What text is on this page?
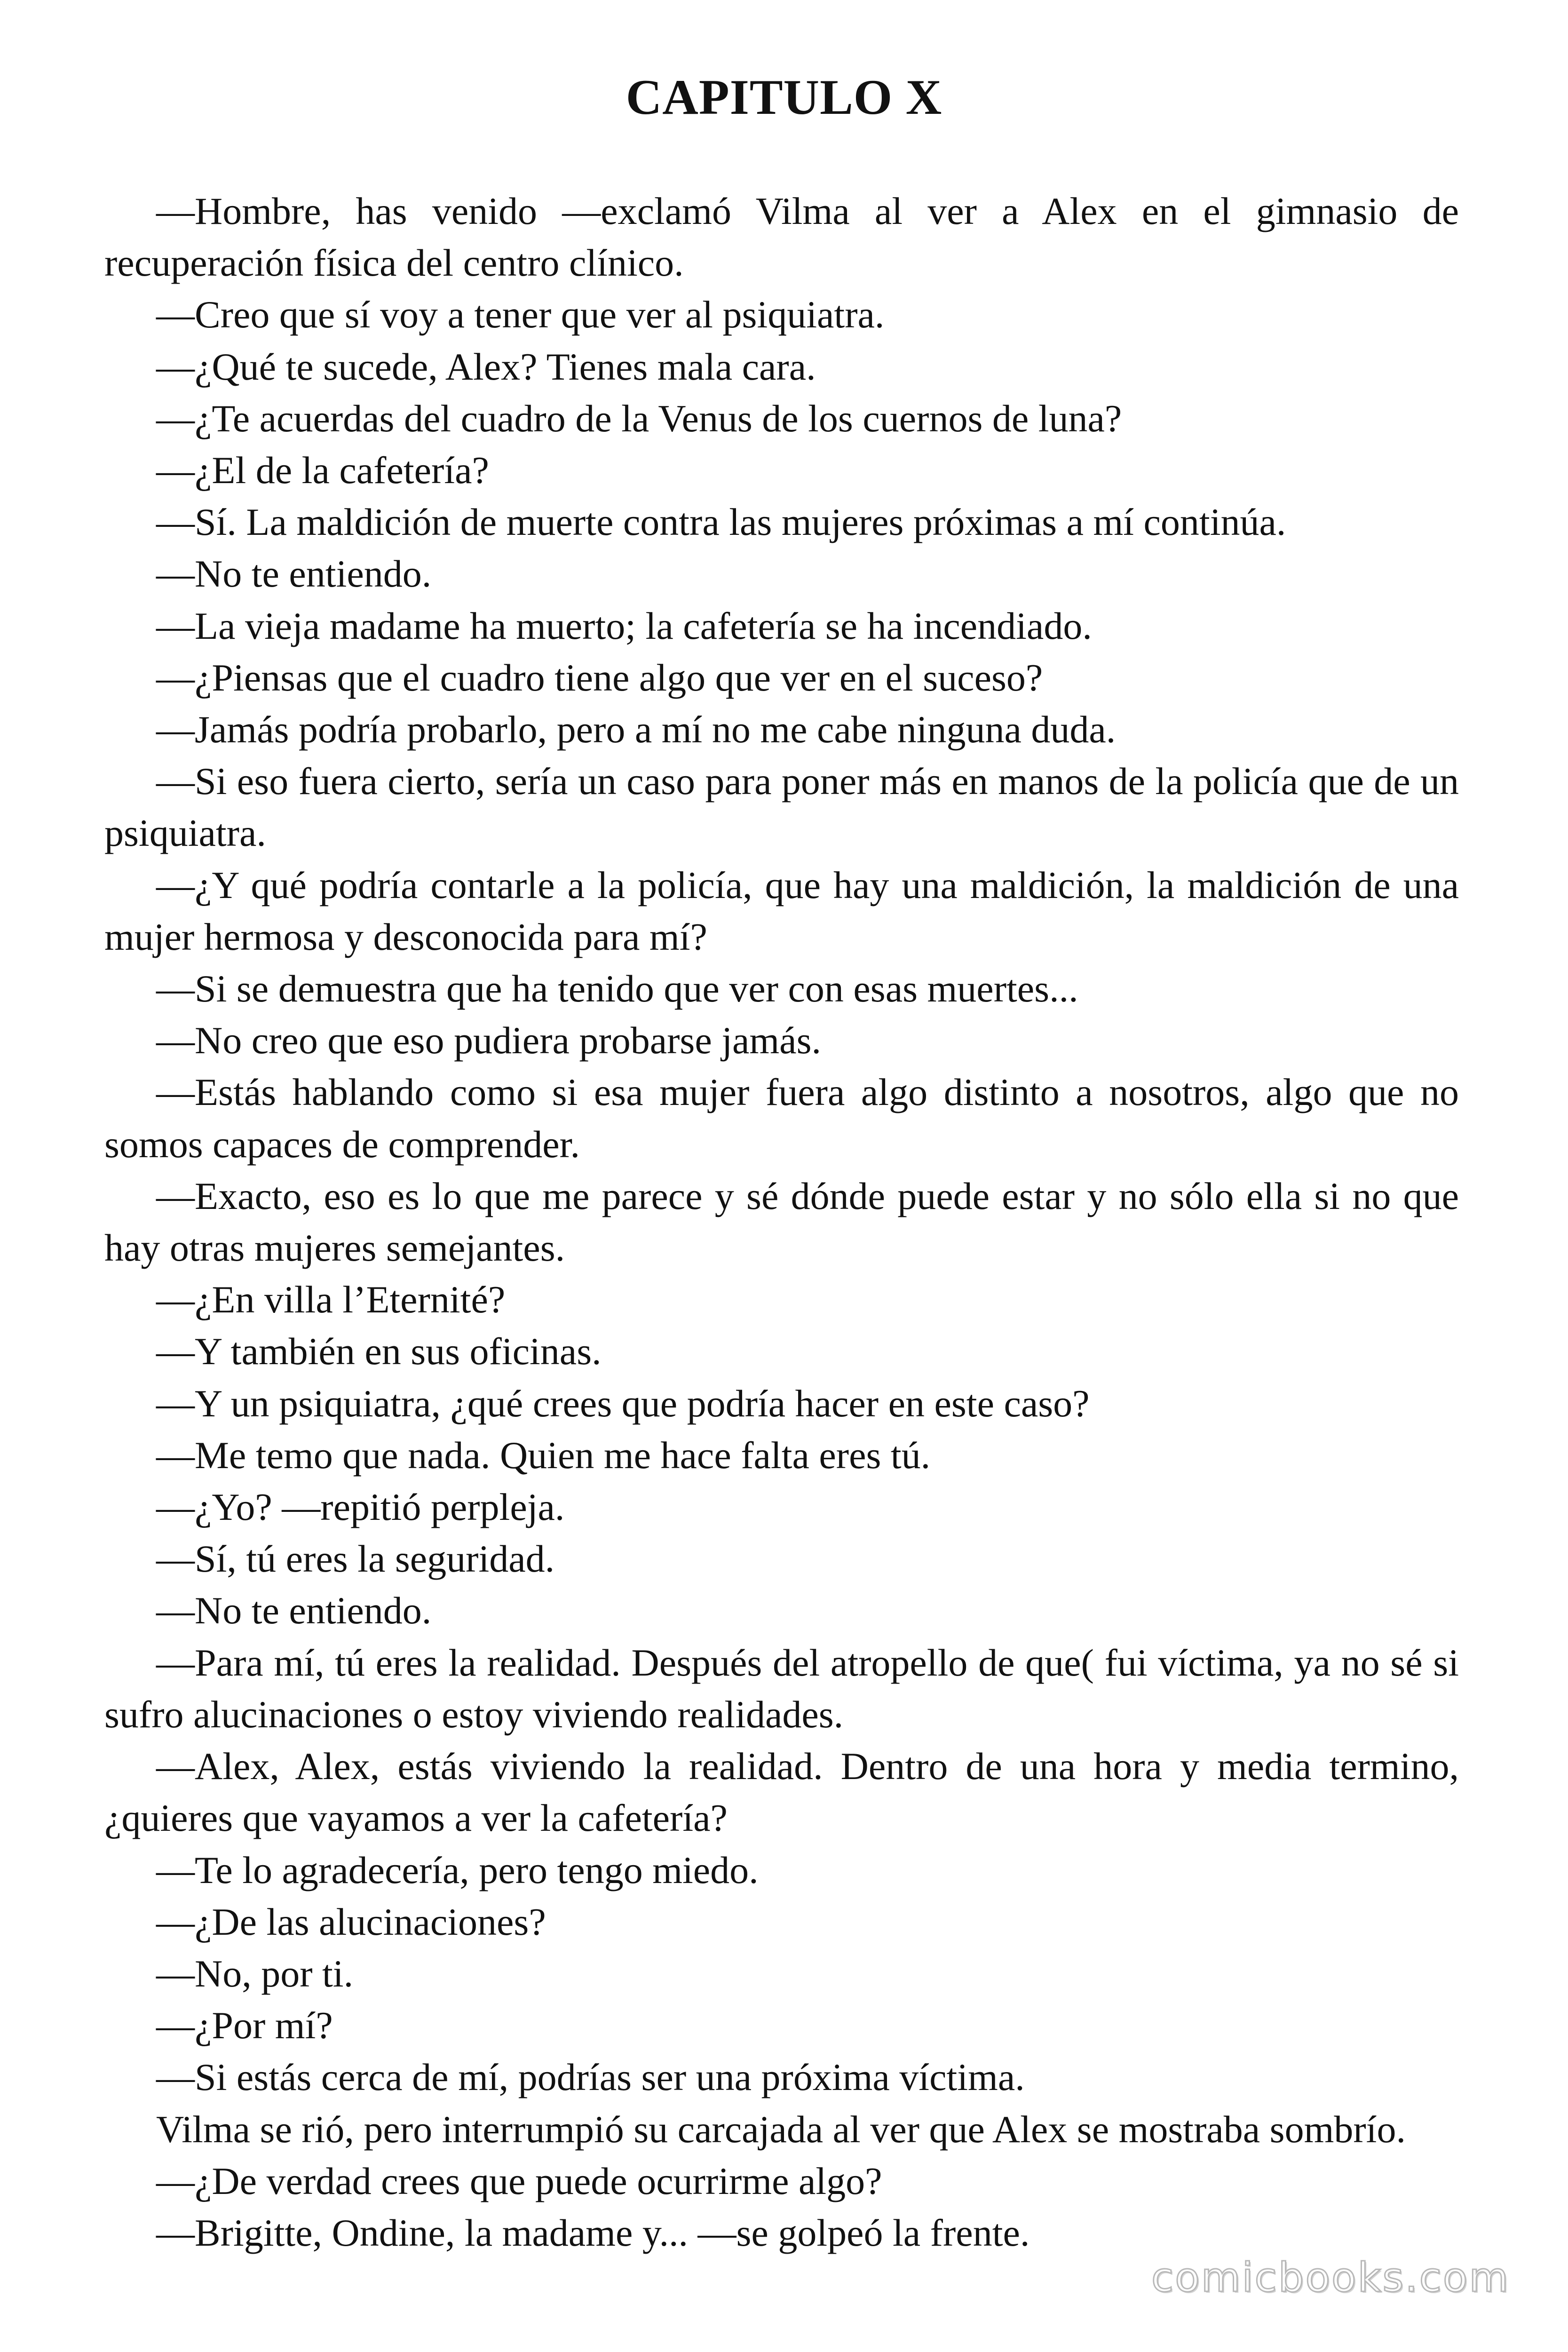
CAPITULO X

—Hombre, has venido —exclamó Vilma al ver a Alex en el gimnasio de recuperación física del centro clínico.

—Creo que sí voy a tener que ver al psiquiatra.

—¿Qué te sucede, Alex? Tienes mala cara.

—¿Te acuerdas del cuadro de la Venus de los cuernos de luna?

—¿El de la cafetería?

—Sí. La maldición de muerte contra las mujeres próximas a mí continúa.

—No te entiendo.

—La vieja madame ha muerto; la cafetería se ha incendiado.

—¿Piensas que el cuadro tiene algo que ver en el suceso?

—Jamás podría probarlo, pero a mí no me cabe ninguna duda.

—Si eso fuera cierto, sería un caso para poner más en manos de la policía que de un psiquiatra.

—¿Y qué podría contarle a la policía, que hay una maldición, la maldición de una mujer hermosa y desconocida para mí?

—Si se demuestra que ha tenido que ver con esas muertes...

—No creo que eso pudiera probarse jamás.

—Estás hablando como si esa mujer fuera algo distinto a nosotros, algo que no somos capaces de comprender.

—Exacto, eso es lo que me parece y sé dónde puede estar y no sólo ella si no que hay otras mujeres semejantes.

—¿En villa l’Eternité?

—Y también en sus oficinas.

—Y un psiquiatra, ¿qué crees que podría hacer en este caso?

—Me temo que nada. Quien me hace falta eres tú.

—¿Yo? —repitió perpleja.

—Sí, tú eres la seguridad.

—No te entiendo.

—Para mí, tú eres la realidad. Después del atropello de que( fui víctima, ya no sé si sufro alucinaciones o estoy viviendo realidades.

—Alex, Alex, estás viviendo la realidad. Dentro de una hora y media termino, ¿quieres que vayamos a ver la cafetería?

—Te lo agradecería, pero tengo miedo.

—¿De las alucinaciones?

—No, por ti.

—¿Por mí?

—Si estás cerca de mí, podrías ser una próxima víctima.

Vilma se rió, pero interrumpió su carcajada al ver que Alex se mostraba sombrío.

—¿De verdad crees que puede ocurrirme algo?

—Brigitte, Ondine, la madame y... —se golpeó la frente.

comicbooks.com
